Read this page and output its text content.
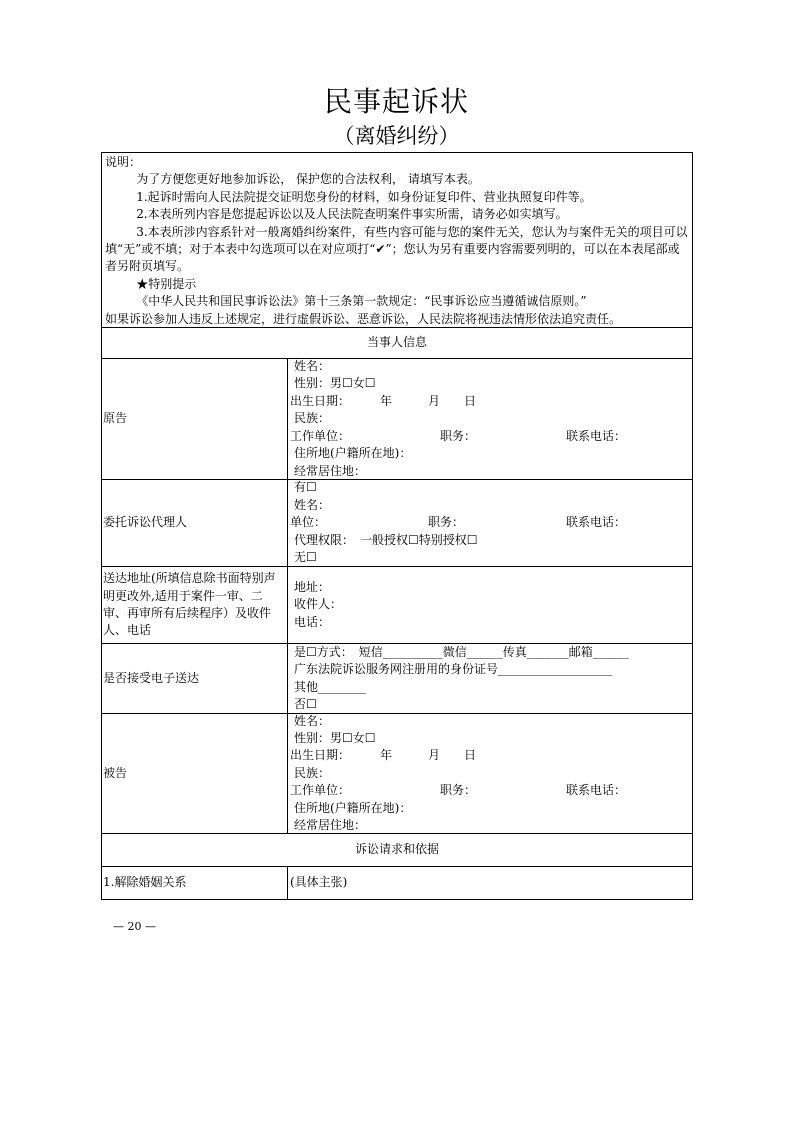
民事起诉状
（离婚纠纷）
说明：
为了方便您更好地参加诉讼， 保护您的合法权利， 请填写本表。
1.起诉时需向人民法院提交证明您身份的材料，如身份证复印件、营业执照复印件等。
2.本表所列内容是您提起诉讼以及人民法院查明案件事实所需，请务必如实填写。
3.本表所涉内容系针对一般离婚纠纷案件，有些内容可能与您的案件无关，您认为与案件无关的项目可以填“无”或不填；对于本表中勾选项可以在对应项打“✔”；您认为另有重要内容需要列明的，可以在本表尾部或者另附页填写。
★特别提示
《中华人民共和国民事诉讼法》第十三条第一款规定：“民事诉讼应当遵循诚信原则。”
如果诉讼参加人违反上述规定，进行虚假诉讼、恶意诉讼，人民法院将视违法情形依法追究责任。
当事人信息
原告
姓名：
性别：男☐女☐
出生日期：　　　年　　　月　　日
民族：
工作单位：　　　　　　　　职务：　　　　　　　　联系电话：
住所地(户籍所在地)：
经常居住地：
委托诉讼代理人
有☐
姓名：
单位：　　　　　　　　　职务：　　　　　　　　　联系电话：
代理权限：　一般授权☐特别授权☐
无☐
送达地址(所填信息除书面特别声明更改外,适用于案件一审、二审、再审所有后续程序）及收件人、电话
地址：
收件人：
电话：
是否接受电子送达
是☐方式：　短信__________微信______传真_______邮箱______
广东法院诉讼服务网注册用的身份证号___________________
其他________
否☐
被告
姓名：
性别：男☐女☐
出生日期：　　　年　　　月　　日
民族：
工作单位：　　　　　　　　职务：　　　　　　　　联系电话：
住所地(户籍所在地)：
经常居住地：
诉讼请求和依据
1.解除婚姻关系	(具体主张)
— 20 —
